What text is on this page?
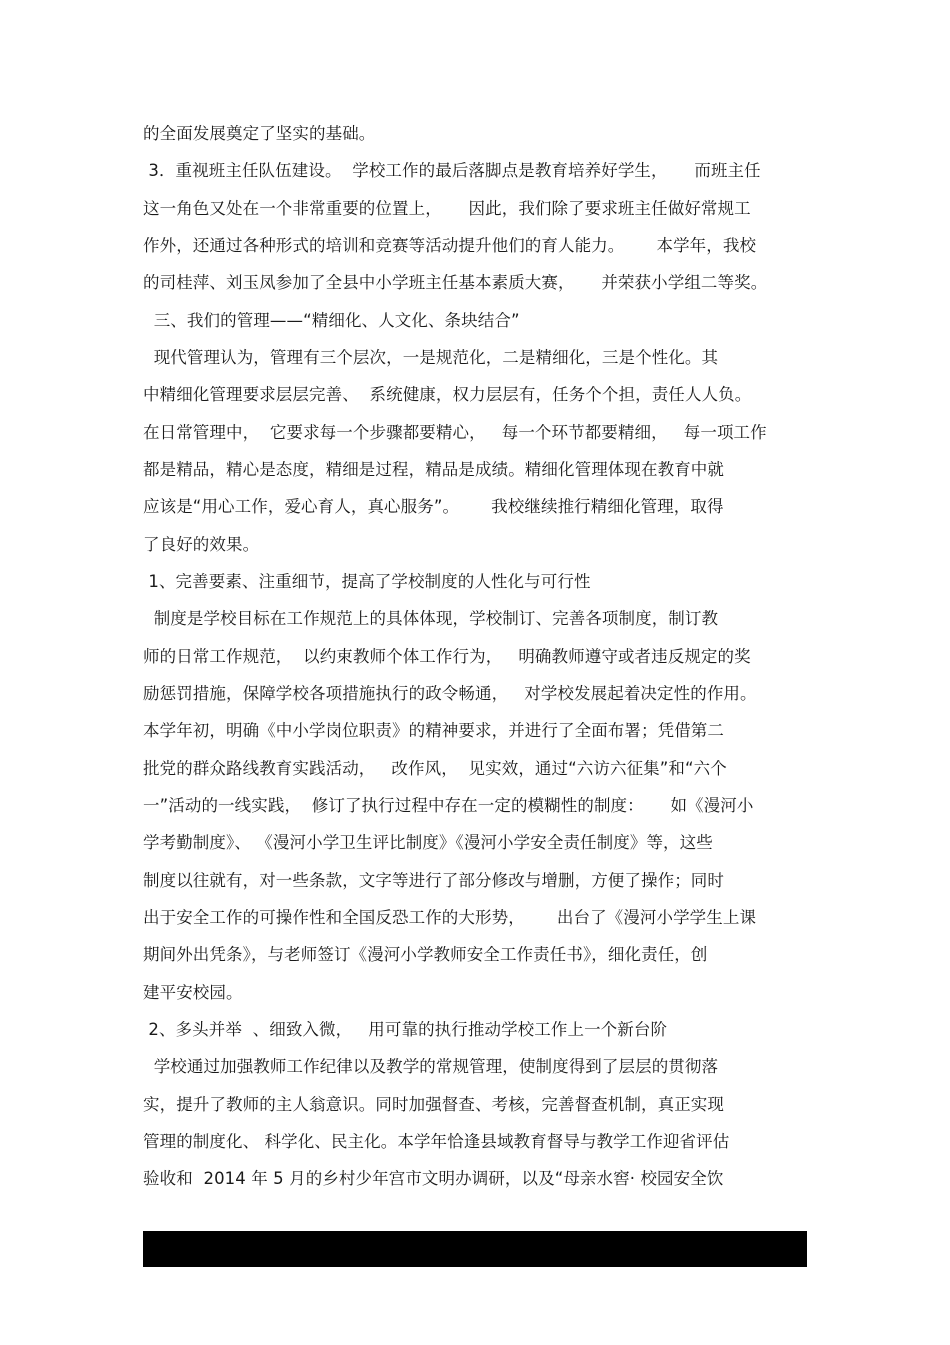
的全面发展奠定了坚实的基础。
3．重视班主任队伍建设。  学校工作的最后落脚点是教育培养好学生，     而班主任
这一角色又处在一个非常重要的位置上，     因此，我们除了要求班主任做好常规工
作外，还通过各种形式的培训和竞赛等活动提升他们的育人能力。      本学年，我校
的司桂萍、刘玉凤参加了全县中小学班主任基本素质大赛，     并荣获小学组二等奖。
三、我们的管理——“精细化、人文化、条块结合”
现代管理认为，管理有三个层次，一是规范化，二是精细化，三是个性化。其
中精细化管理要求层层完善、  系统健康，权力层层有，任务个个担，责任人人负。
在日常管理中，  它要求每一个步骤都要精心，   每一个环节都要精细，   每一项工作
都是精品，精心是态度，精细是过程，精品是成绩。精细化管理体现在教育中就
应该是“用心工作，爱心育人，真心服务”。      我校继续推行精细化管理，取得
了良好的效果。
1、完善要素、注重细节，提高了学校制度的人性化与可行性
制度是学校目标在工作规范上的具体体现，学校制订、完善各项制度，制订教
师的日常工作规范，  以约束教师个体工作行为，   明确教师遵守或者违反规定的奖
励惩罚措施，保障学校各项措施执行的政令畅通，   对学校发展起着决定性的作用。
本学年初，明确《中小学岗位职责》的精神要求，并进行了全面布署；凭借第二
批党的群众路线教育实践活动，   改作风，  见实效，通过“六访六征集”和“六个
一”活动的一线实践，  修订了执行过程中存在一定的模糊性的制度：     如《漫河小
学考勤制度》、 《漫河小学卫生评比制度》《漫河小学安全责任制度》等，这些
制度以往就有，对一些条款，文字等进行了部分修改与增删，方便了操作；同时
出于安全工作的可操作性和全国反恐工作的大形势，      出台了《漫河小学学生上课
期间外出凭条》，与老师签订《漫河小学教师安全工作责任书》，细化责任，创
建平安校园。
2、多头并举  、细致入微，   用可靠的执行推动学校工作上一个新台阶
学校通过加强教师工作纪律以及教学的常规管理，使制度得到了层层的贯彻落
实，提升了教师的主人翁意识。同时加强督查、考核，完善督查机制，真正实现
管理的制度化、 科学化、民主化。本学年恰逢县域教育督导与教学工作迎省评估
验收和  2014 年 5 月的乡村少年宫市文明办调研，以及“母亲水窖· 校园安全饮
